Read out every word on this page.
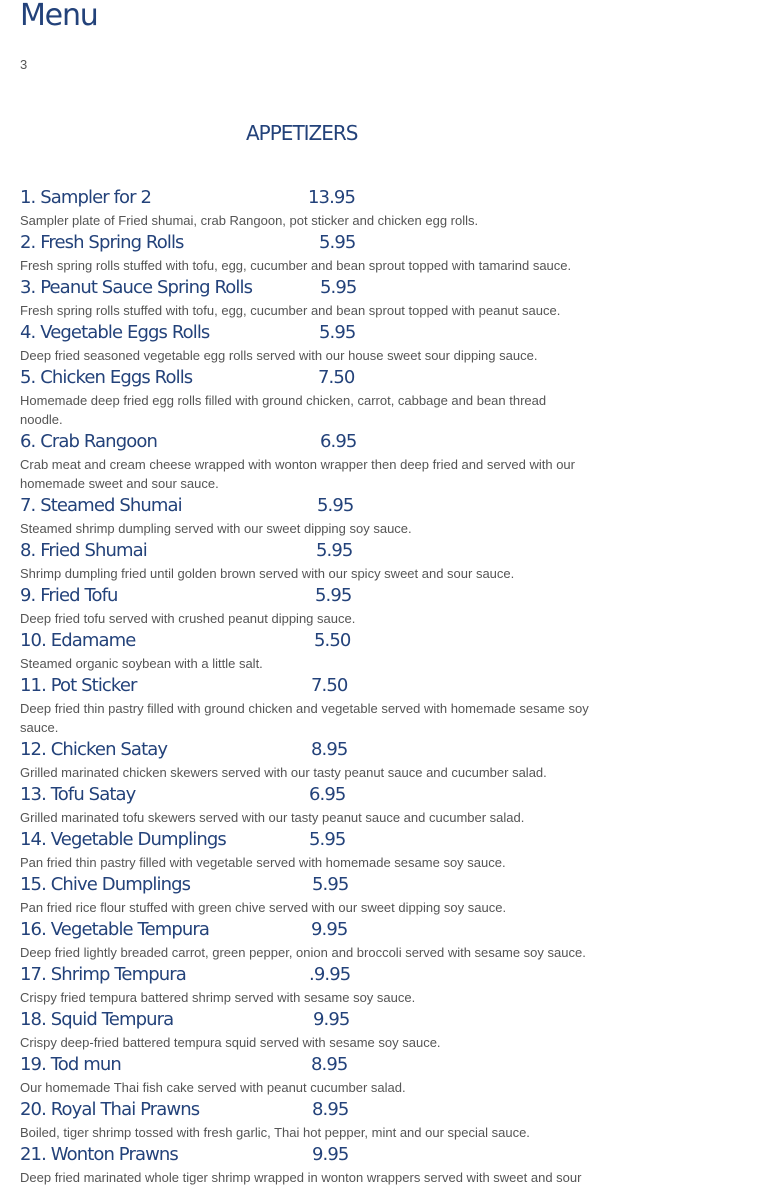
Menu
3
APPETIZERS
1. Sampler for 2	13.95

Sampler plate of Fried shumai, crab Rangoon, pot sticker and chicken egg rolls.

2. Fresh Spring Rolls	5.95

Fresh spring rolls stuffed with tofu, egg, cucumber and bean sprout topped with tamarind sauce.

3. Peanut Sauce Spring Rolls	5.95

Fresh spring rolls stuffed with tofu, egg, cucumber and bean sprout topped with peanut sauce.

4. Vegetable Eggs Rolls	5.95

Deep fried seasoned vegetable egg rolls served with our house sweet sour dipping sauce.

5. Chicken Eggs Rolls	7.50

Homemade deep fried egg rolls filled with ground chicken, carrot, cabbage and bean thread noodle.

6. Crab Rangoon	6.95

Crab meat and cream cheese wrapped with wonton wrapper then deep fried and served with our homemade sweet and sour sauce.

7. Steamed Shumai	5.95

Steamed shrimp dumpling served with our sweet dipping soy sauce.

8. Fried Shumai	5.95

Shrimp dumpling fried until golden brown served with our spicy sweet and sour sauce.

9. Fried Tofu	5.95

Deep fried tofu served with crushed peanut dipping sauce.

10. Edamame	5.50

Steamed organic soybean with a little salt.

11. Pot Sticker	7.50

Deep fried thin pastry filled with ground chicken and vegetable served with homemade sesame soy sauce.

12. Chicken Satay	8.95

Grilled marinated chicken skewers served with our tasty peanut sauce and cucumber salad.

13. Tofu Satay	6.95

Grilled marinated tofu skewers served with our tasty peanut sauce and cucumber salad.

14. Vegetable Dumplings	5.95

Pan fried thin pastry filled with vegetable served with homemade sesame soy sauce.

15. Chive Dumplings	5.95

Pan fried rice flour stuffed with green chive served with our sweet dipping soy sauce.

16. Vegetable Tempura	9.95

Deep fried lightly breaded carrot, green pepper, onion and broccoli served with sesame soy sauce.

17. Shrimp Tempura	.9.95

Crispy fried tempura battered shrimp served with sesame soy sauce.

18. Squid Tempura	9.95

Crispy deep-fried battered tempura squid served with sesame soy sauce.

19. Tod mun	8.95

Our homemade Thai fish cake served with peanut cucumber salad.

20. Royal Thai Prawns	8.95

Boiled, tiger shrimp tossed with fresh garlic, Thai hot pepper, mint and our special sauce.

21. Wonton Prawns	9.95

Deep fried marinated whole tiger shrimp wrapped in wonton wrappers served with sweet and sour
